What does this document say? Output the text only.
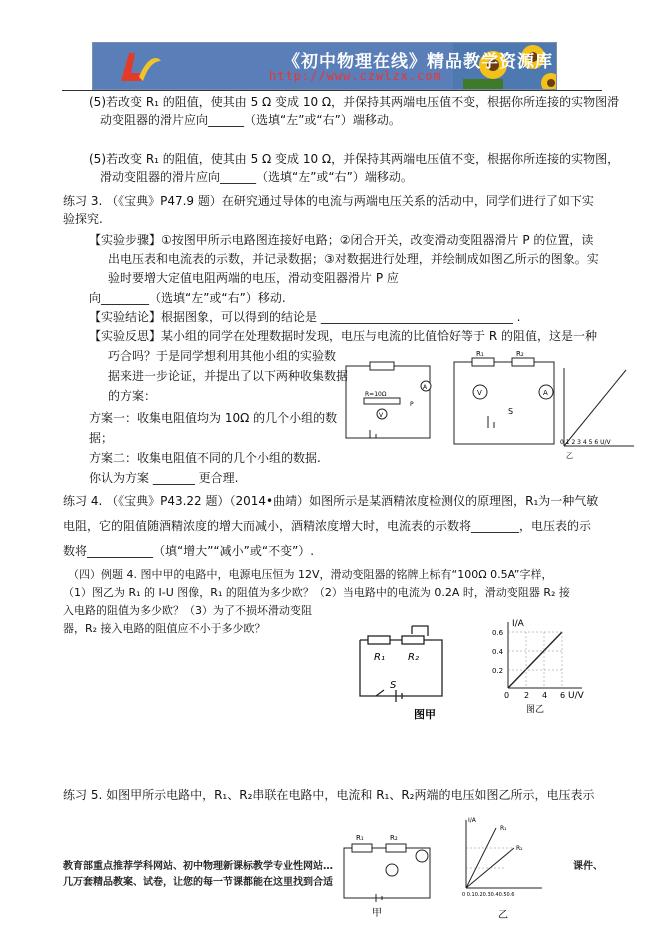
《初中物理在线》精品教学资源库
http://www.czwlzx.com
(5)若改变 R₁ 的阻值，使其由 5 Ω 变成 10 Ω，并保持其两端电压值不变，根据你所连接的实物图滑
动变阻器的滑片应向______（选填“左”或“右”）端移动。
(5)若改变 R₁ 的阻值，使其由 5 Ω 变成 10 Ω，并保持其两端电压值不变，根据你所连接的实物图，
滑动变阻器的滑片应向______（选填“左”或“右”）端移动。
练习 3. （《宝典》P47.9 题）在研究通过导体的电流与两端电压关系的活动中，同学们进行了如下实
验探究.
【实验步骤】①按图甲所示电路图连接好电路；②闭合开关，改变滑动变阻器滑片 P 的位置，读
出电压表和电流表的示数，并记录数据；③对数据进行处理，并绘制成如图乙所示的图象。实
验时要增大定值电阻两端的电压，滑动变阻器滑片 P 应
向________（选填“左”或“右”）移动.
【实验结论】根据图象，可以得到的结论是 ________________________________ .
【实验反思】某小组的同学在处理数据时发现，电压与电流的比值恰好等于 R 的阻值，这是一种
巧合吗？于是同学想利用其他小组的实验数
据来进一步论证，并提出了以下两种收集数据
的方案：
方案一：收集电阻值均为 10Ω 的几个小组的数
据；
方案二：收集电阻值不同的几个小组的数据.
你认为方案 _______ 更合理.
R=10Ω
A
V
P
R₁	R₂
V	A
S
0 1 2 3 4 5 6 U/V
乙
练习 4. （《宝典》P43.22 题）（2014•曲靖）如图所示是某酒精浓度检测仪的原理图，R₁为一种气敏
电阻，它的阻值随酒精浓度的增大而减小，酒精浓度增大时，电流表的示数将________，电压表的示
数将___________（填“增大”“减小”或“不变”）.
（四）例题 4. 图中甲的电路中，电源电压恒为 12V，滑动变阻器的铭牌上标有“100Ω 0.5A”字样，
（1）图乙为 R₁ 的 I-U 图像，R₁ 的阻值为多少欧？（2）当电路中的电流为 0.2A 时，滑动变阻器 R₂ 接
入电路的阻值为多少欧？（3）为了不损坏滑动变阻
器，R₂ 接入电路的阻值应不小于多少欧？
R₁ R₂
S
图甲
I/A
U/V
0.6
0.4
0.2
0 2 4 6
图乙
练习 5. 如图甲所示电路中，R₁、R₂串联在电路中，电流和 R₁、R₂两端的电压如图乙所示，电压表示
R₁	R₂
甲
I/A
R₁
R₂
0 0.10.20.30.40.50.6
乙
教育部重点推荐学科网站、初中物理新课标教学专业性网站…	课件、
几万套精品教案、试卷，让您的每一节课都能在这里找到合适
